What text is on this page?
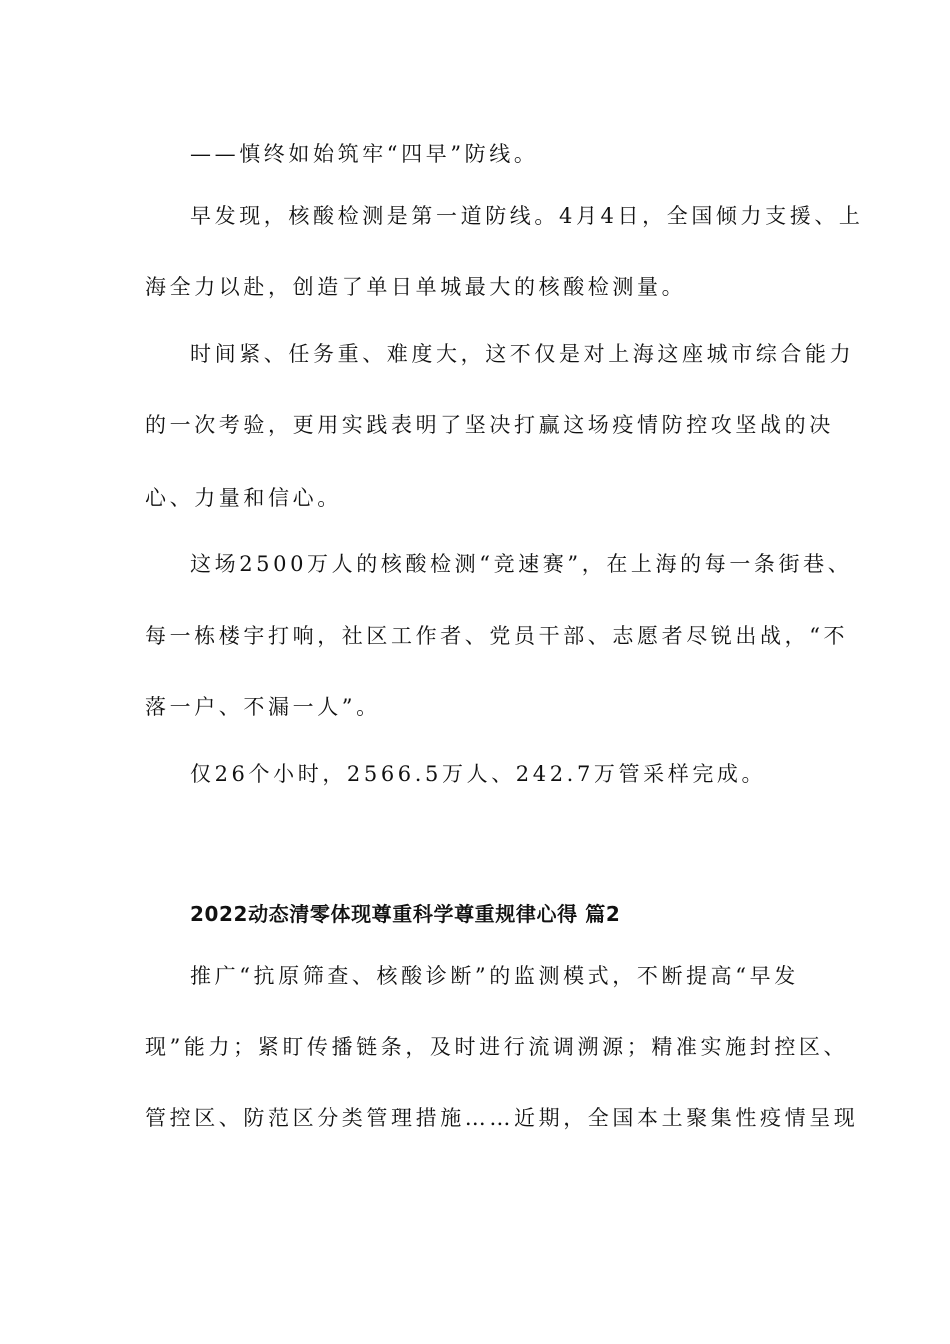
——慎终如始筑牢“四早”防线。

早发现，核酸检测是第一道防线。4月4日，全国倾力支援、上

海全力以赴，创造了单日单城最大的核酸检测量。

时间紧、任务重、难度大，这不仅是对上海这座城市综合能力

的一次考验，更用实践表明了坚决打赢这场疫情防控攻坚战的决

心、力量和信心。

这场2500万人的核酸检测“竞速赛”，在上海的每一条街巷、

每一栋楼宇打响，社区工作者、党员干部、志愿者尽锐出战，“不

落一户、不漏一人”。

仅26个小时，2566.5万人、242.7万管采样完成。

2022动态清零体现尊重科学尊重规律心得 篇2

推广“抗原筛查、核酸诊断”的监测模式，不断提高“早发

现”能力；紧盯传播链条，及时进行流调溯源；精准实施封控区、

管控区、防范区分类管理措施……近期，全国本土聚集性疫情呈现
